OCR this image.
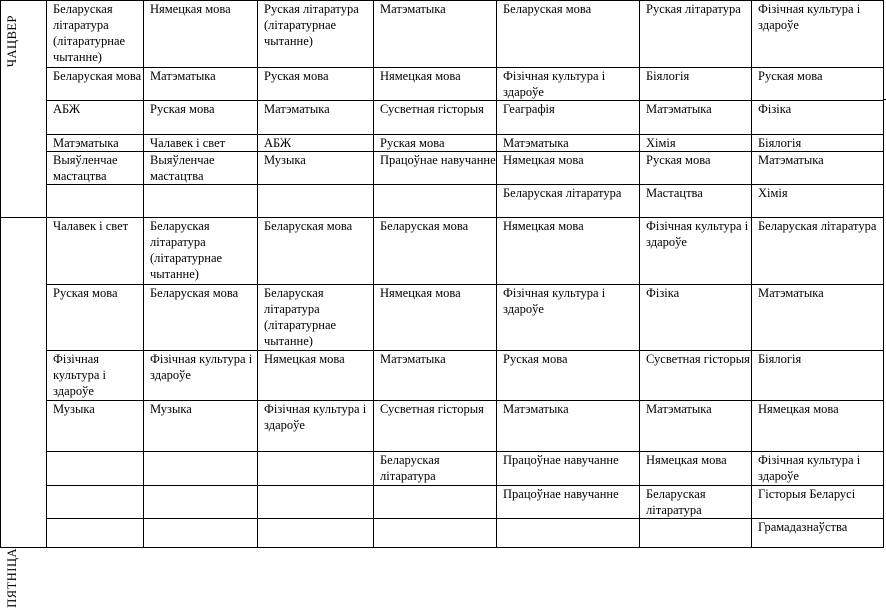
ЧАЦВЕР	Беларуская літаратура (літаратурнае чытанне)	Нямецкая мова	Руская літаратура (літаратурнае чытанне)	Матэматыка	Беларуская мова	Руская літаратура	Фізічная культура і здароўе
	Беларуская мова	Матэматыка	Руская мова	Нямецкая мова	Фізічная культура і здароўе	Біялогія	Руская мова
	АБЖ	Руская мова	Матэматыка	Сусветная гісторыя	Геаграфія	Матэматыка	Фізіка
	Матэматыка	Чалавек і свет	АБЖ	Руская мова	Матэматыка	Хімія	Біялогія
	Выяўленчае мастацтва	Выяўленчае мастацтва	Музыка	Працоўнае навучанне	Нямецкая мова	Руская мова	Матэматыка
					Беларуская літаратура	Мастацтва	Хімія

ПЯТНІЦА	Чалавек і свет	Беларуская літаратура (літаратурнае чытанне)	Беларуская мова	Беларуская мова	Нямецкая мова	Фізічная культура і здароўе	Беларуская літаратура
	Руская мова	Беларуская мова	Беларуская літаратура (літаратурнае чытанне)	Нямецкая мова	Фізічная культура і здароўе	Фізіка	Матэматыка
	Фізічная культура і здароўе	Фізічная культура і здароўе	Нямецкая мова	Матэматыка	Руская мова	Сусветная гісторыя	Біялогія
	Музыка	Музыка	Фізічная культура і здароўе	Сусветная гісторыя	Матэматыка	Матэматыка	Нямецкая мова
				Беларуская літаратура	Працоўнае навучанне	Нямецкая мова	Фізічная культура і здароўе
					Працоўнае навучанне	Беларуская літаратура	Гісторыя Беларусі
							Грамадазнаўства
